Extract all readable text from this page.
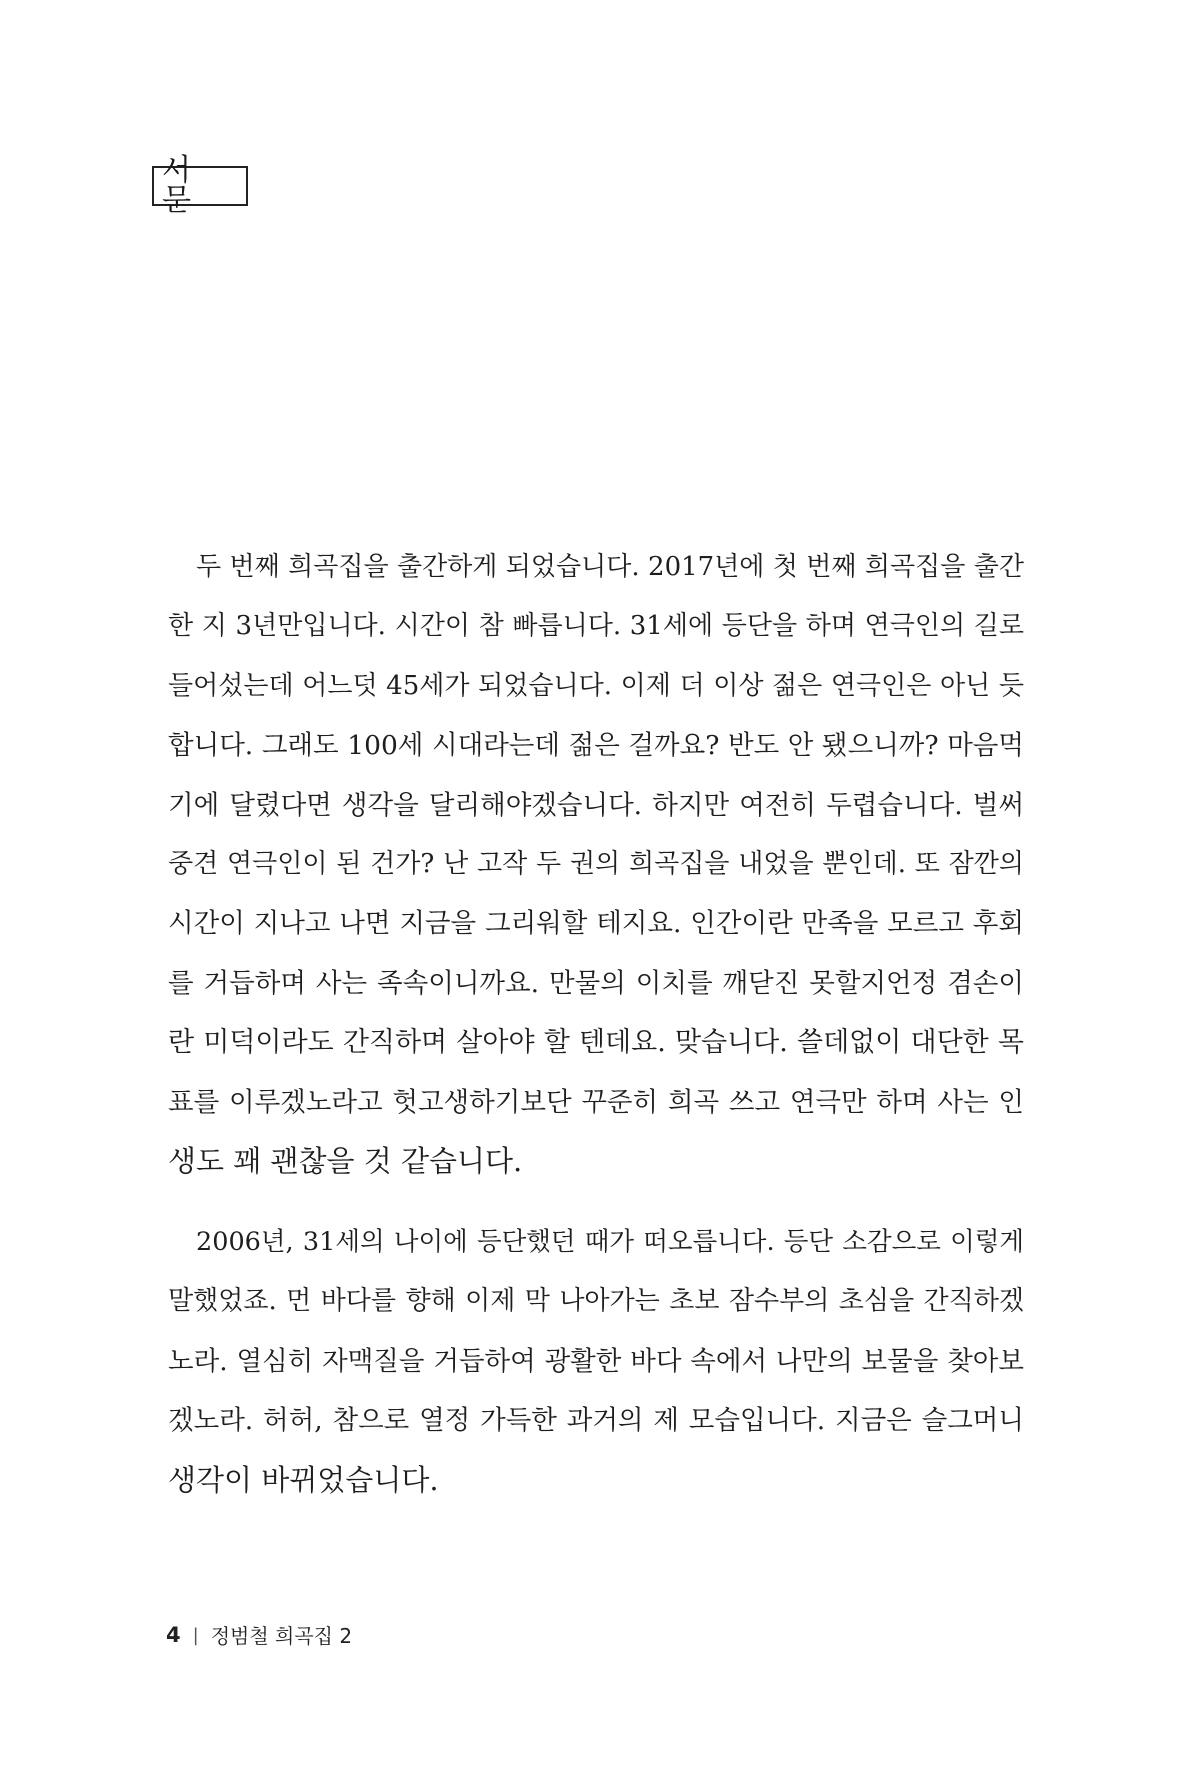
서 문
두 번째 희곡집을 출간하게 되었습니다. 2017년에 첫 번째 희곡집을 출간
한 지 3년만입니다. 시간이 참 빠릅니다. 31세에 등단을 하며 연극인의 길로
들어섰는데 어느덧 45세가 되었습니다. 이제 더 이상 젊은 연극인은 아닌 듯
합니다. 그래도 100세 시대라는데 젊은 걸까요? 반도 안 됐으니까? 마음먹
기에 달렸다면 생각을 달리해야겠습니다. 하지만 여전히 두렵습니다. 벌써
중견 연극인이 된 건가? 난 고작 두 권의 희곡집을 내었을 뿐인데. 또 잠깐의
시간이 지나고 나면 지금을 그리워할 테지요. 인간이란 만족을 모르고 후회
를 거듭하며 사는 족속이니까요. 만물의 이치를 깨닫진 못할지언정 겸손이
란 미덕이라도 간직하며 살아야 할 텐데요. 맞습니다. 쓸데없이 대단한 목
표를 이루겠노라고 헛고생하기보단 꾸준히 희곡 쓰고 연극만 하며 사는 인
생도 꽤 괜찮을 것 같습니다.
2006년, 31세의 나이에 등단했던 때가 떠오릅니다. 등단 소감으로 이렇게
말했었죠. 먼 바다를 향해 이제 막 나아가는 초보 잠수부의 초심을 간직하겠
노라. 열심히 자맥질을 거듭하여 광활한 바다 속에서 나만의 보물을 찾아보
겠노라. 허허, 참으로 열정 가득한 과거의 제 모습입니다. 지금은 슬그머니
생각이 바뀌었습니다.
4 | 정범철 희곡집 2
